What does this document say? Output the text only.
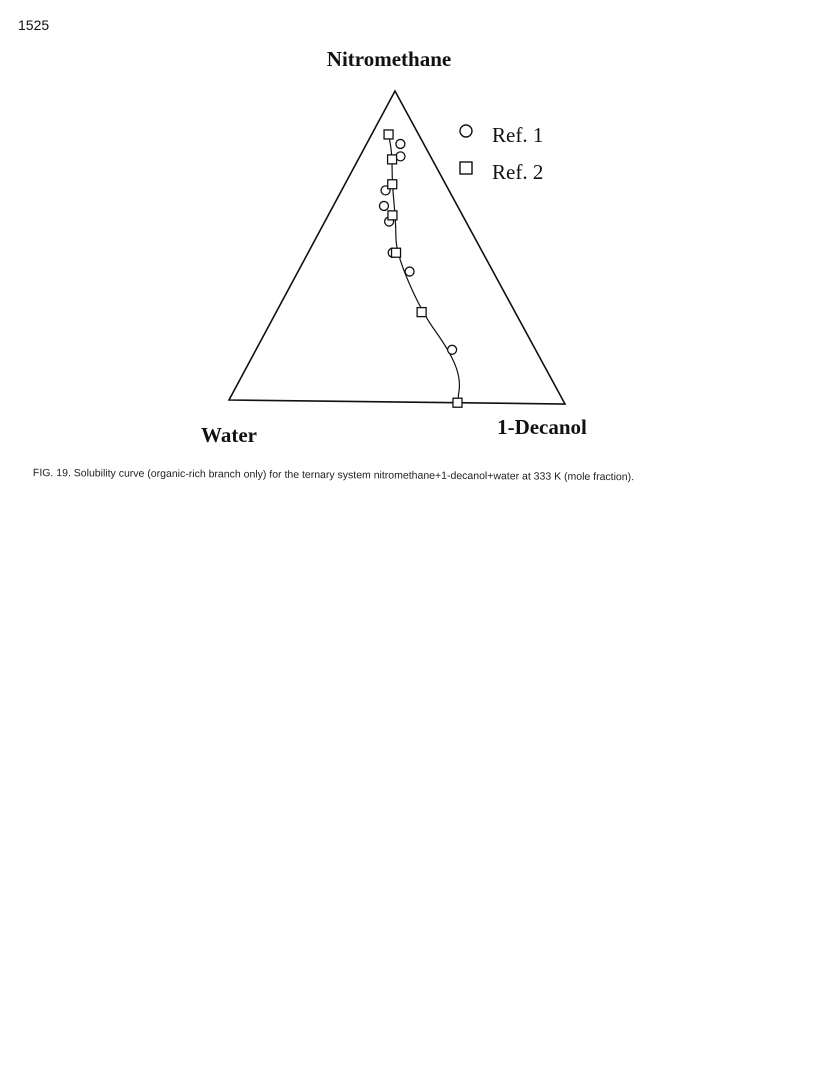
1525
Nitromethane
Water	1-Decanol
Ref. 1
Ref. 2
FIG. 19. Solubility curve (organic-rich branch only) for the ternary system nitromethane+1-decanol+water at 333 K (mole fraction).
